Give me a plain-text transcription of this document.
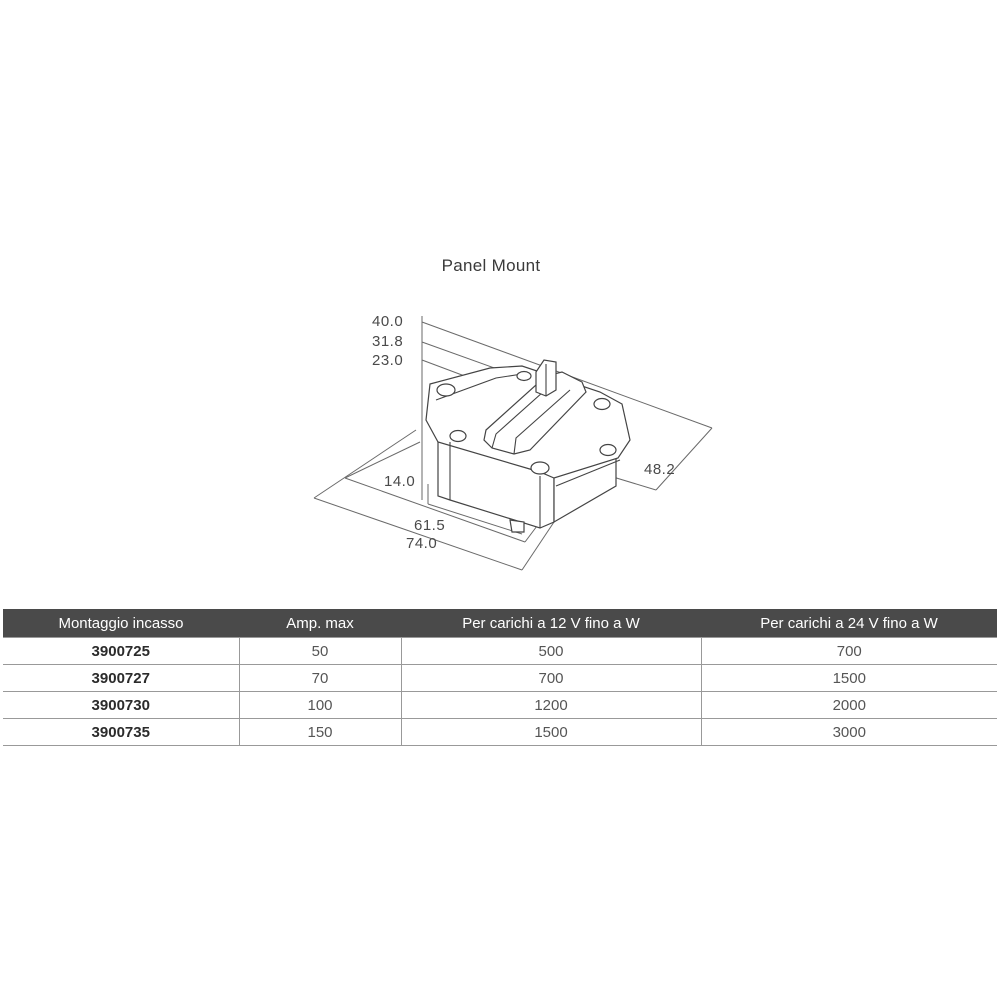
Panel Mount
40.0
31.8
23.0
14.0
61.5
74.0
48.2
Montaggio incasso	Amp. max	Per carichi a 12 V fino a W	Per carichi a 24 V fino a W
3900725	50	500	700
3900727	70	700	1500
3900730	100	1200	2000
3900735	150	1500	3000
